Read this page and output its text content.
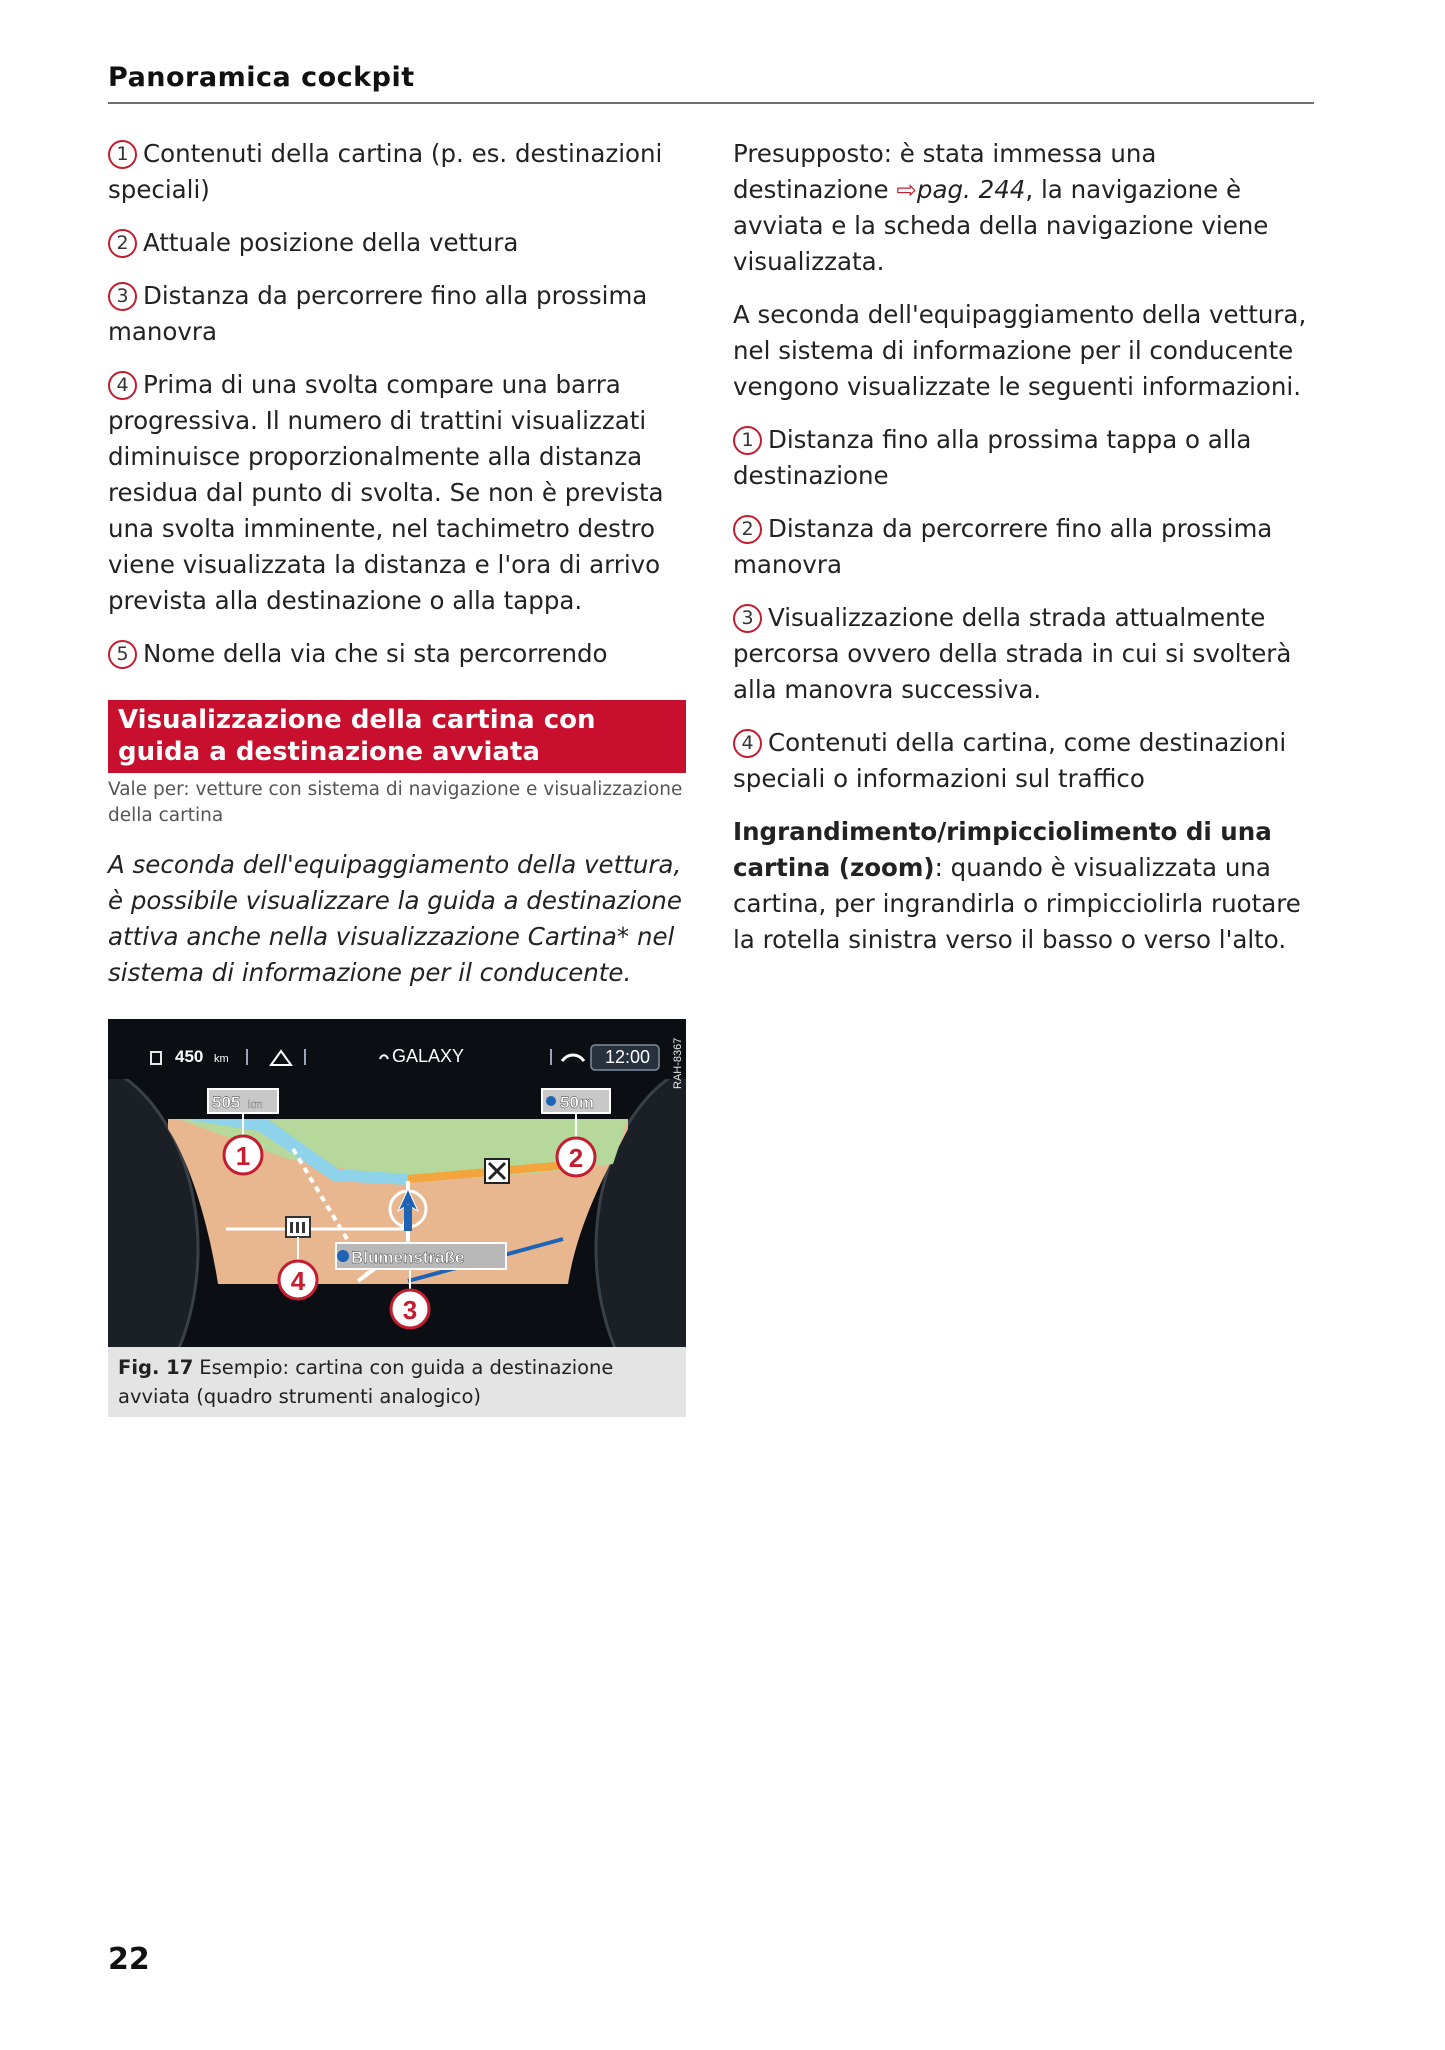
Panoramica cockpit

1 Contenuti della cartina (p. es. destinazioni speciali)

2 Attuale posizione della vettura

3 Distanza da percorrere fino alla prossima manovra

4 Prima di una svolta compare una barra progressiva. Il numero di trattini visualizzati diminuisce proporzionalmente alla distanza residua dal punto di svolta. Se non è prevista una svolta imminente, nel tachimetro destro viene visualizzata la distanza e l'ora di arrivo prevista alla destinazione o alla tappa.

5 Nome della via che si sta percorrendo

Visualizzazione della cartina con guida a destinazione avviata
Vale per: vetture con sistema di navigazione e visualizzazione della cartina

A seconda dell'equipaggiamento della vettura, è possibile visualizzare la guida a destinazione attiva anche nella visualizzazione Cartina* nel sistema di informazione per il conducente.

450 km	GALAXY	12:00 RAH-8367
505 km	50m
Blumenstraße
1	2
3
4
Fig. 17 Esempio: cartina con guida a destinazione avviata (quadro strumenti analogico)

Presupposto: è stata immessa una destinazione ⇨pag. 244, la navigazione è avviata e la scheda della navigazione viene visualizzata.

A seconda dell'equipaggiamento della vettura, nel sistema di informazione per il conducente vengono visualizzate le seguenti informazioni.

1 Distanza fino alla prossima tappa o alla destinazione

2 Distanza da percorrere fino alla prossima manovra

3 Visualizzazione della strada attualmente percorsa ovvero della strada in cui si svolterà alla manovra successiva.

4 Contenuti della cartina, come destinazioni speciali o informazioni sul traffico

Ingrandimento/rimpicciolimento di una cartina (zoom): quando è visualizzata una cartina, per ingrandirla o rimpicciolirla ruotare la rotella sinistra verso il basso o verso l'alto.

22
